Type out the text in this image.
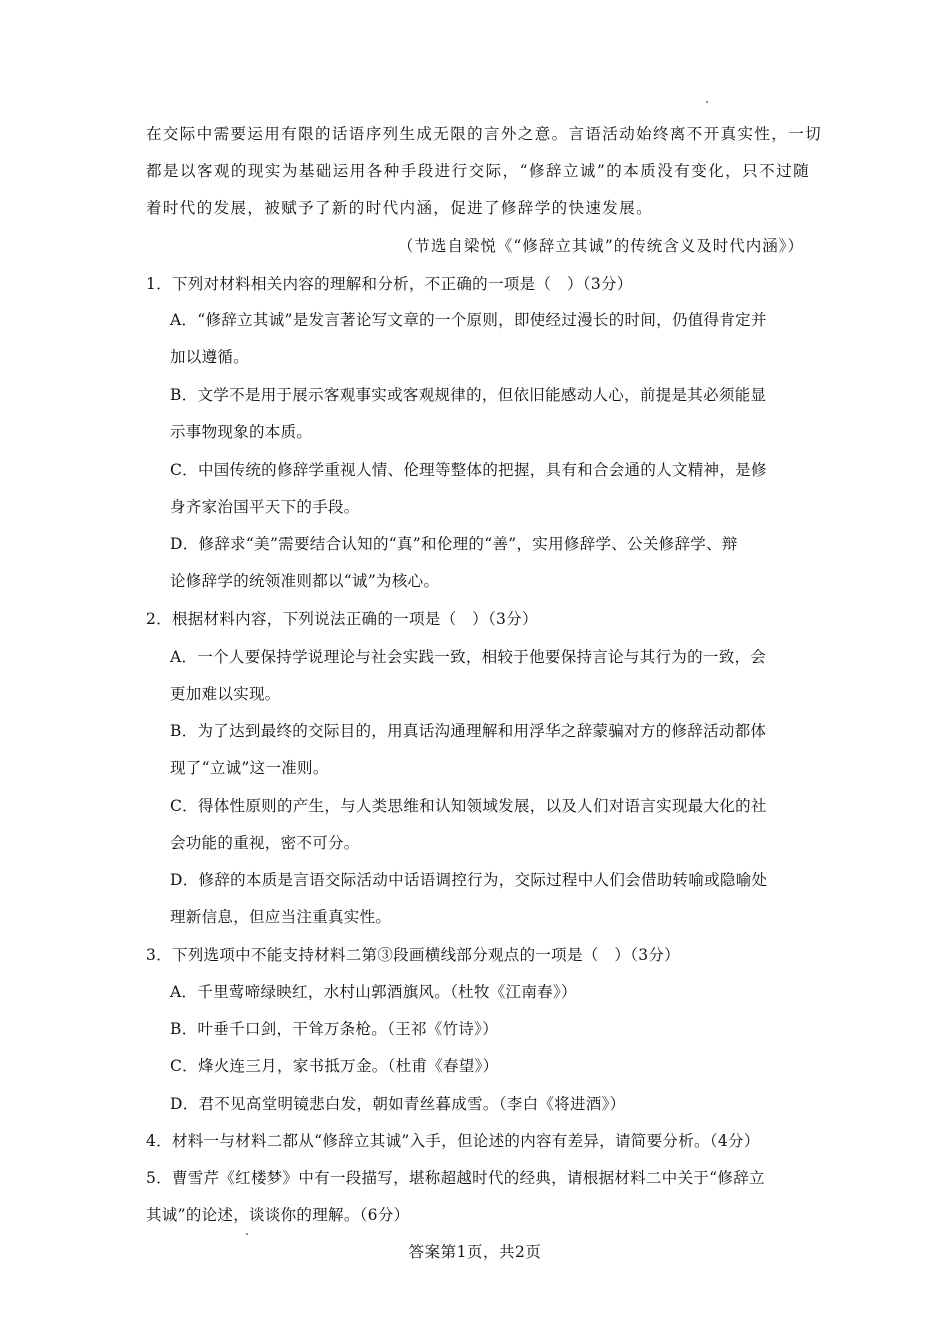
在交际中需要运用有限的话语序列生成无限的言外之意。言语活动始终离不开真实性，一切
都是以客观的现实为基础运用各种手段进行交际，“修辞立诚”的本质没有变化，只不过随
着时代的发展，被赋予了新的时代内涵，促进了修辞学的快速发展。
（节选自梁悦《“修辞立其诚”的传统含义及时代内涵》）
1．下列对材料相关内容的理解和分析，不正确的一项是（　）（3分）
A．“修辞立其诚”是发言著论写文章的一个原则，即使经过漫长的时间，仍值得肯定并
加以遵循。
B．文学不是用于展示客观事实或客观规律的，但依旧能感动人心，前提是其必须能显
示事物现象的本质。
C．中国传统的修辞学重视人情、伦理等整体的把握，具有和合会通的人文精神，是修
身齐家治国平天下的手段。
D．修辞求“美”需要结合认知的“真”和伦理的“善”，实用修辞学、公关修辞学、辩
论修辞学的统领准则都以“诚”为核心。
2．根据材料内容，下列说法正确的一项是（　）（3分）
A．一个人要保持学说理论与社会实践一致，相较于他要保持言论与其行为的一致，会
更加难以实现。
B．为了达到最终的交际目的，用真话沟通理解和用浮华之辞蒙骗对方的修辞活动都体
现了“立诚”这一准则。
C．得体性原则的产生，与人类思维和认知领域发展，以及人们对语言实现最大化的社
会功能的重视，密不可分。
D．修辞的本质是言语交际活动中话语调控行为，交际过程中人们会借助转喻或隐喻处
理新信息，但应当注重真实性。
3．下列选项中不能支持材料二第③段画横线部分观点的一项是（　）（3分）
A．千里莺啼绿映红，水村山郭酒旗风。（杜牧《江南春》）
B．叶垂千口剑，干耸万条枪。（王祁《竹诗》）
C．烽火连三月，家书抵万金。（杜甫《春望》）
D．君不见高堂明镜悲白发，朝如青丝暮成雪。（李白《将进酒》）
4．材料一与材料二都从“修辞立其诚”入手，但论述的内容有差异，请简要分析。（4分）
5．曹雪芹《红楼梦》中有一段描写，堪称超越时代的经典，请根据材料二中关于“修辞立
其诚”的论述，谈谈你的理解。（6分）
答案第1页，共2页
